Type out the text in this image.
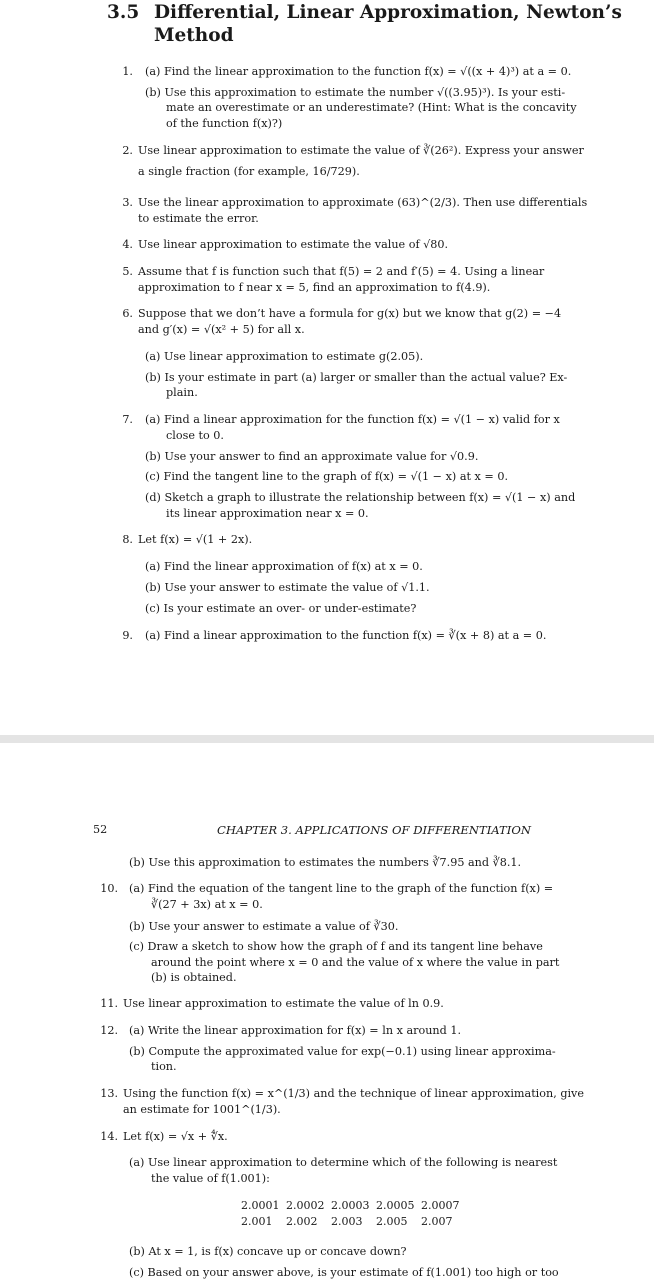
3.5 Differential, Linear Approximation, Newton’s
Method
1. (a) Find the linear approximation to the function f(x) = √((x + 4)³) at a = 0.
(b) Use this approximation to estimate the number √((3.95)³). Is your esti-
mate an overestimate or an underestimate? (Hint: What is the concavity
of the function f(x)?)
2. Use linear approximation to estimate the value of ∛(26²). Express your answer
a single fraction (for example, 16/729).
3. Use the linear approximation to approximate (63)^(2/3). Then use differentials
to estimate the error.
4. Use linear approximation to estimate the value of √80.
5. Assume that f is function such that f(5) = 2 and f′(5) = 4. Using a linear
approximation to f near x = 5, find an approximation to f(4.9).
6. Suppose that we don’t have a formula for g(x) but we know that g(2) = −4
and g′(x) = √(x² + 5) for all x.
(a) Use linear approximation to estimate g(2.05).
(b) Is your estimate in part (a) larger or smaller than the actual value? Ex-
plain.
7. (a) Find a linear approximation for the function f(x) = √(1 − x) valid for x
close to 0.
(b) Use your answer to find an approximate value for √0.9.
(c) Find the tangent line to the graph of f(x) = √(1 − x) at x = 0.
(d) Sketch a graph to illustrate the relationship between f(x) = √(1 − x) and
its linear approximation near x = 0.
8. Let f(x) = √(1 + 2x).
(a) Find the linear approximation of f(x) at x = 0.
(b) Use your answer to estimate the value of √1.1.
(c) Is your estimate an over- or under-estimate?
9. (a) Find a linear approximation to the function f(x) = ∛(x + 8) at a = 0.
52	CHAPTER 3. APPLICATIONS OF DIFFERENTIATION
(b) Use this approximation to estimates the numbers ∛7.95 and ∛8.1.
10. (a) Find the equation of the tangent line to the graph of the function f(x) =
∛(27 + 3x) at x = 0.
(b) Use your answer to estimate a value of ∛30.
(c) Draw a sketch to show how the graph of f and its tangent line behave
around the point where x = 0 and the value of x where the value in part
(b) is obtained.
11. Use linear approximation to estimate the value of ln 0.9.
12. (a) Write the linear approximation for f(x) = ln x around 1.
(b) Compute the approximated value for exp(−0.1) using linear approxima-
tion.
13. Using the function f(x) = x^(1/3) and the technique of linear approximation, give
an estimate for 1001^(1/3).
14. Let f(x) = √x + ∜x.
(a) Use linear approximation to determine which of the following is nearest
the value of f(1.001):
2.0001 2.0002 2.0003 2.0005 2.0007
2.001 2.002 2.003 2.005 2.007
(b) At x = 1, is f(x) concave up or concave down?
(c) Based on your answer above, is your estimate of f(1.001) too high or too
